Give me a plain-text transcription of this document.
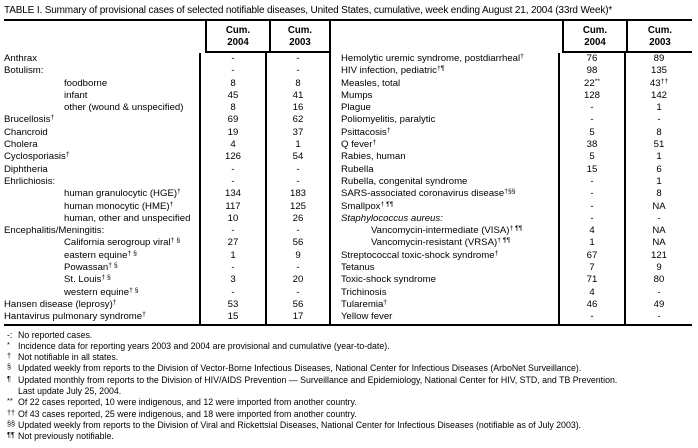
TABLE I. Summary of provisional cases of selected notifiable diseases, United States, cumulative, week ending August 21, 2004 (33rd Week)*
Cum.
2004
Cum.
2003
Anthrax	-	-
Botulism:	-	-
foodborne	8	8
infant	45	41
other (wound & unspecified)	8	16
Brucellosis†	69	62
Chancroid	19	37
Cholera	4	1
Cyclosporiasis†	126	54
Diphtheria	-	-
Ehrlichiosis:	-	-
human granulocytic (HGE)†	134	183
human monocytic (HME)†	117	125
human, other and unspecified	10	26
Encephalitis/Meningitis:	-	-
California serogroup viral† §	27	56
eastern equine† §	1	9
Powassan† §	-	-
St. Louis† §	3	20
western equine† §	-	-
Hansen disease (leprosy)†	53	56
Hantavirus pulmonary syndrome†	15	17
Cum.
2004
Cum.
2003
Hemolytic uremic syndrome, postdiarrheal†	76	89
HIV infection, pediatric†¶	98	135
Measles, total	22**	43††
Mumps	128	142
Plague	-	1
Poliomyelitis, paralytic	-	-
Psittacosis†	5	8
Q fever†	38	51
Rabies, human	5	1
Rubella	15	6
Rubella, congenital syndrome	-	1
SARS-associated coronavirus disease†§§	-	8
Smallpox† ¶¶	-	NA
Staphylococcus aureus:	-	-
Vancomycin-intermediate (VISA)† ¶¶	4	NA
Vancomycin-resistant (VRSA)† ¶¶	1	NA
Streptococcal toxic-shock syndrome†	67	121
Tetanus	7	9
Toxic-shock syndrome	71	80
Trichinosis	4	-
Tularemia†	46	49
Yellow fever	-	-
-: No reported cases.
* Incidence data for reporting years 2003 and 2004 are provisional and cumulative (year-to-date).
† Not notifiable in all states.
§ Updated weekly from reports to the Division of Vector-Borne Infectious Diseases, National Center for Infectious Diseases (ArboNet Surveillance).
¶ Updated monthly from reports to the Division of HIV/AIDS Prevention — Surveillance and Epidemiology, National Center for HIV, STD, and TB Prevention.
Last update July 25, 2004.
** Of 22 cases reported, 10 were indigenous, and 12 were imported from another country.
†† Of 43 cases reported, 25 were indigenous, and 18 were imported from another country.
§§ Updated weekly from reports to the Division of Viral and Rickettsial Diseases, National Center for Infectious Diseases (notifiable as of July 2003).
¶¶ Not previously notifiable.
